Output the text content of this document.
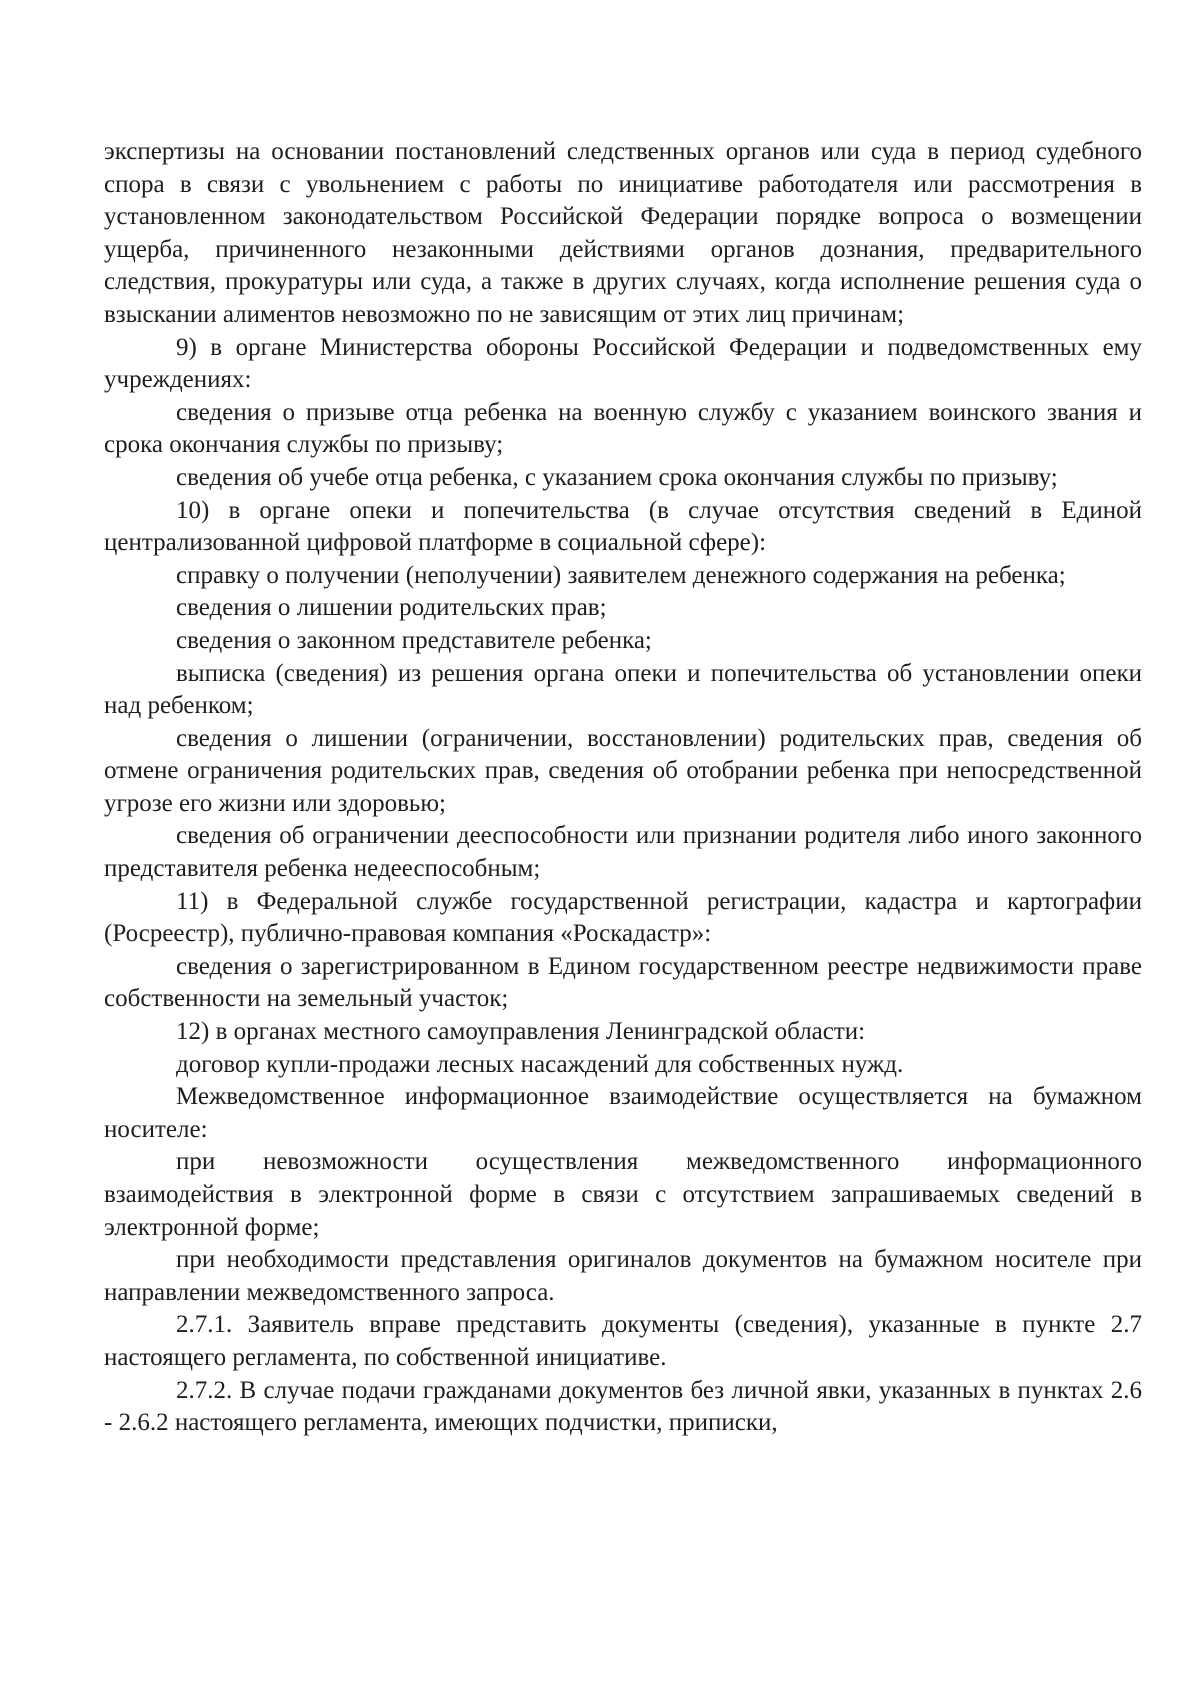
экспертизы на основании постановлений следственных органов или суда в период судебного спора в связи с увольнением с работы по инициативе работодателя или рассмотрения в установленном законодательством Российской Федерации порядке вопроса о возмещении ущерба, причиненного незаконными действиями органов дознания, предварительного следствия, прокуратуры или суда, а также в других случаях, когда исполнение решения суда о взыскании алиментов невозможно по не зависящим от этих лиц причинам;

9) в органе Министерства обороны Российской Федерации и подведомственных ему учреждениях:

сведения о призыве отца ребенка на военную службу с указанием воинского звания и срока окончания службы по призыву;

сведения об учебе отца ребенка, с указанием срока окончания службы по призыву;

10) в органе опеки и попечительства (в случае отсутствия сведений в Единой централизованной цифровой платформе в социальной сфере):

справку о получении (неполучении) заявителем денежного содержания на ребенка;

сведения о лишении родительских прав;

сведения о законном представителе ребенка;

выписка (сведения) из решения органа опеки и попечительства об установлении опеки над ребенком;

сведения о лишении (ограничении, восстановлении) родительских прав, сведения об отмене ограничения родительских прав, сведения об отобрании ребенка при непосредственной угрозе его жизни или здоровью;

сведения об ограничении дееспособности или признании родителя либо иного законного представителя ребенка недееспособным;

11) в Федеральной службе государственной регистрации, кадастра и картографии (Росреестр), публично-правовая компания «Роскадастр»:

сведения о зарегистрированном в Едином государственном реестре недвижимости праве собственности на земельный участок;

12) в органах местного самоуправления Ленинградской области:

договор купли-продажи лесных насаждений для собственных нужд.

Межведомственное информационное взаимодействие осуществляется на бумажном носителе:

при невозможности осуществления межведомственного информационного взаимодействия в электронной форме в связи с отсутствием запрашиваемых сведений в электронной форме;

при необходимости представления оригиналов документов на бумажном носителе при направлении межведомственного запроса.

2.7.1. Заявитель вправе представить документы (сведения), указанные в пункте 2.7 настоящего регламента, по собственной инициативе.

2.7.2. В случае подачи гражданами документов без личной явки, указанных в пунктах 2.6 - 2.6.2 настоящего регламента, имеющих подчистки, приписки,
